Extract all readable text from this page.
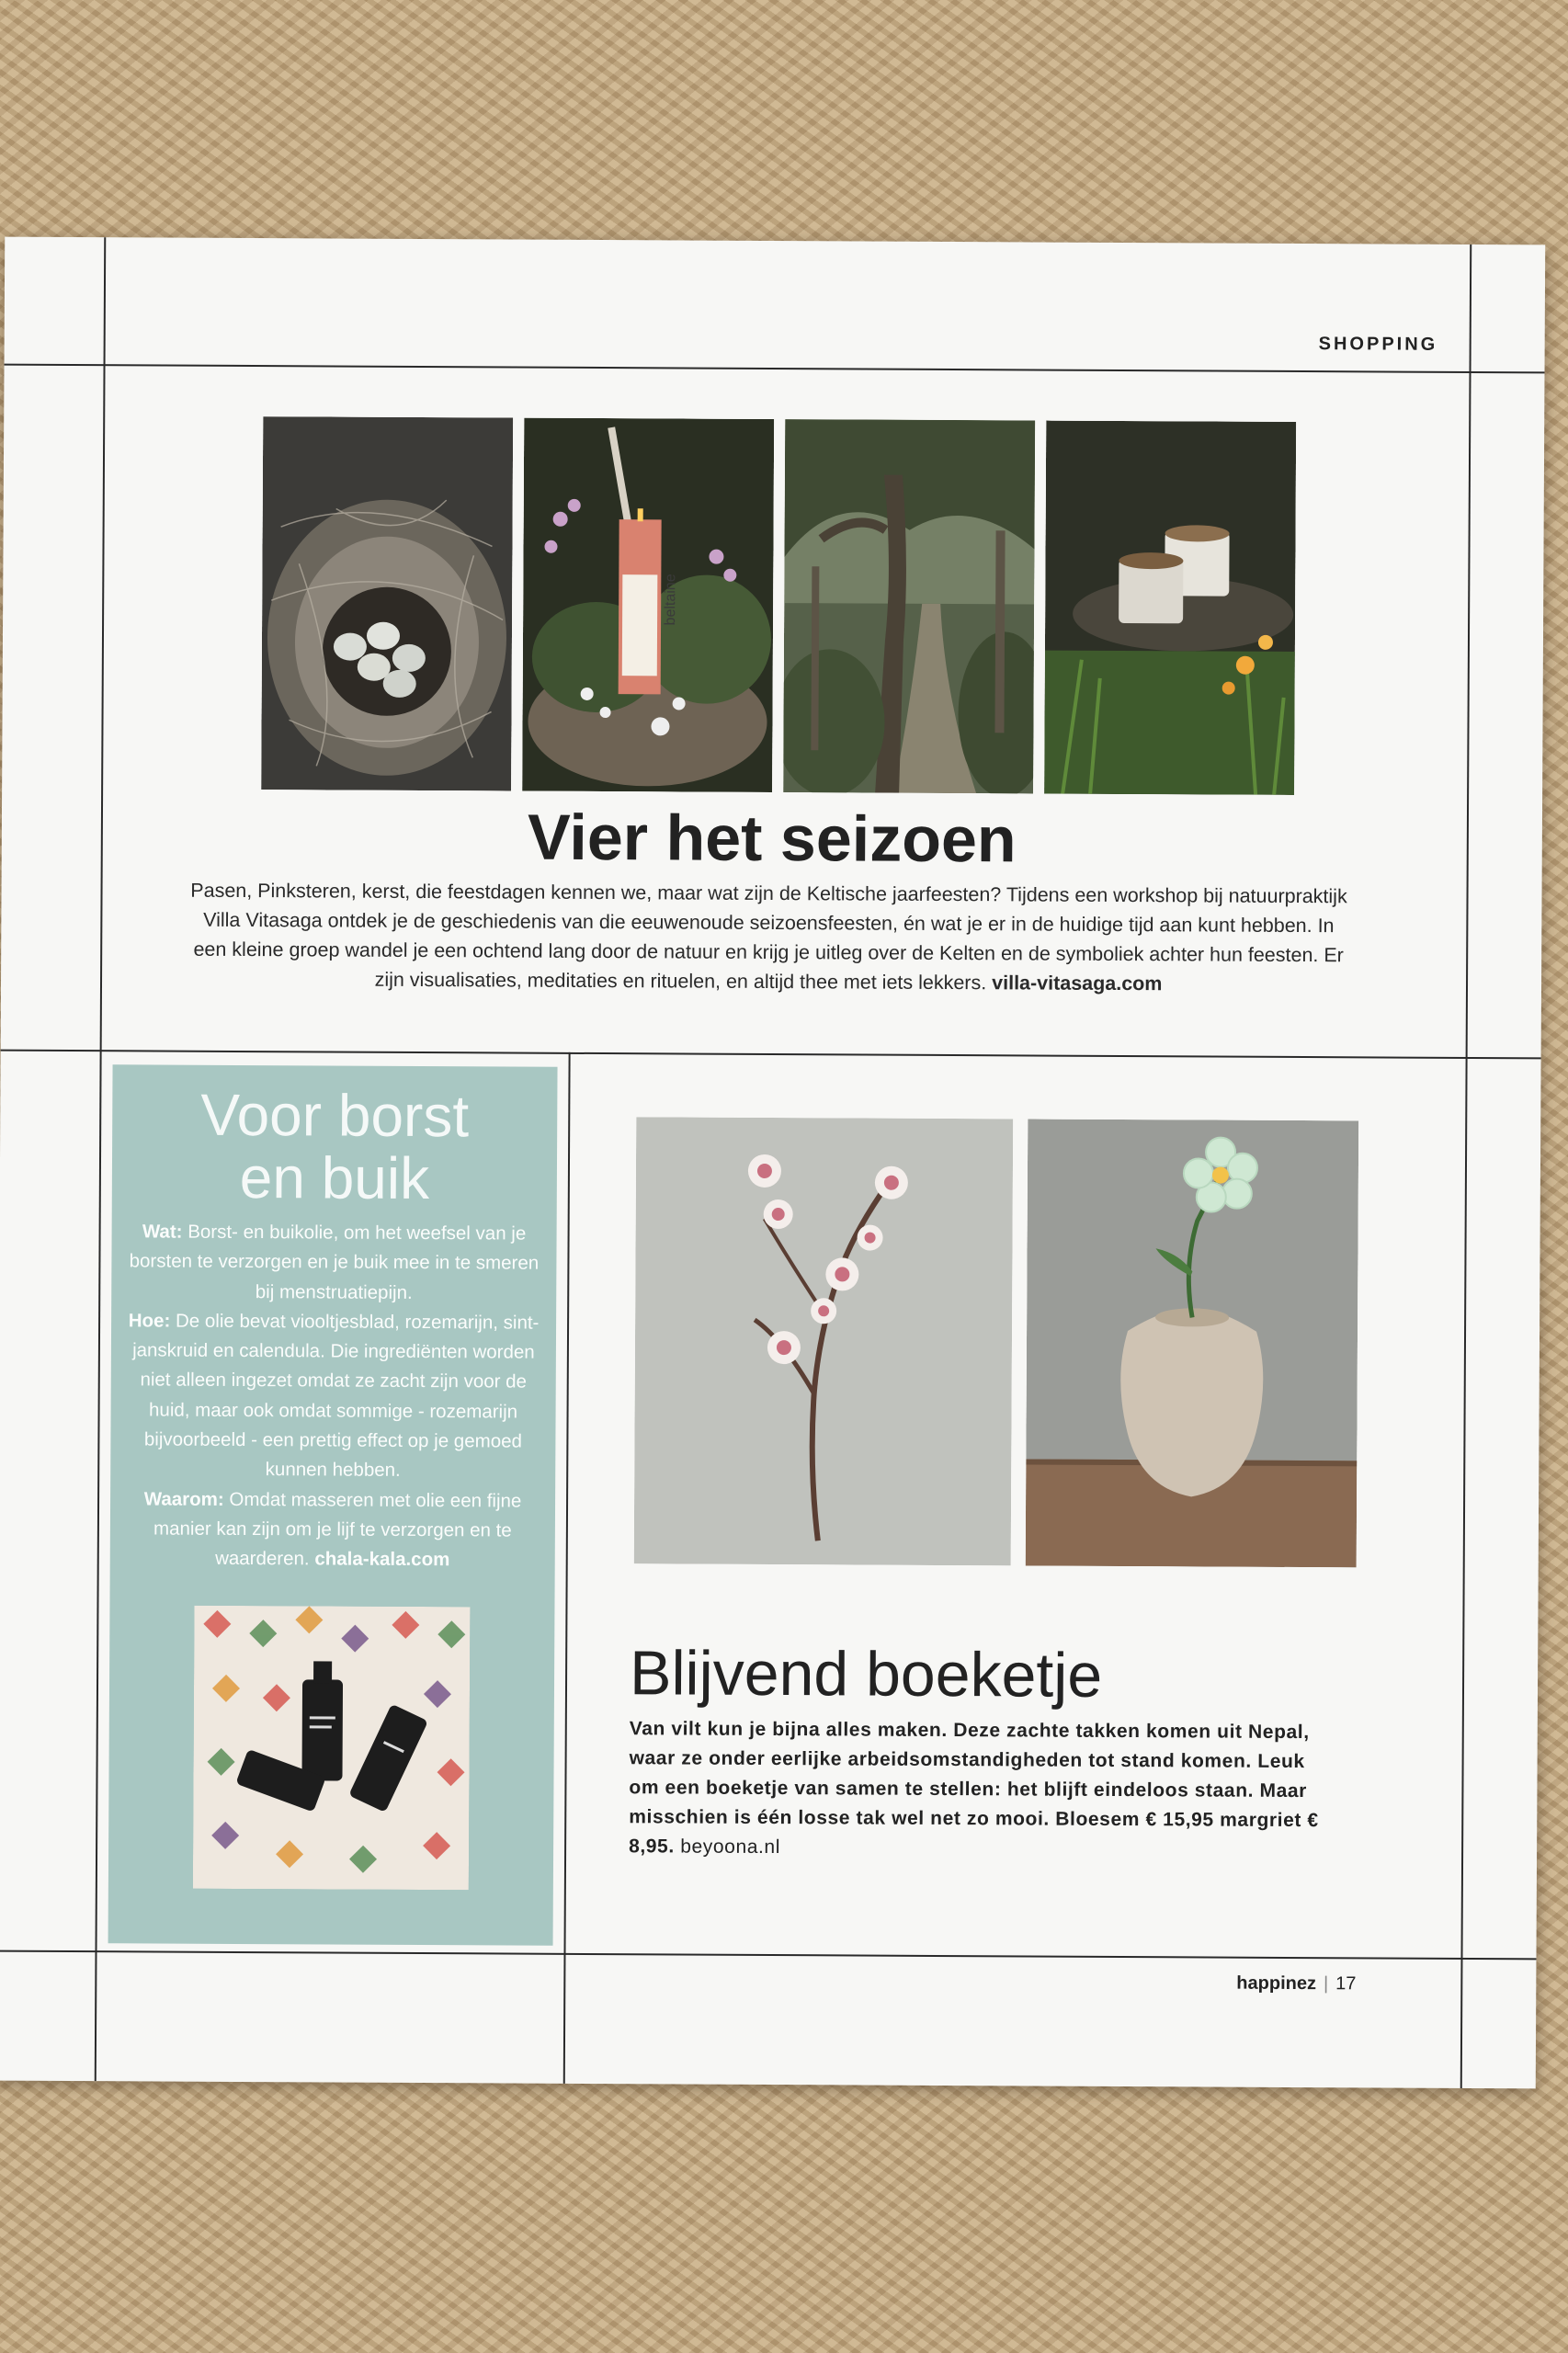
SHOPPING
beltaine
Vier het seizoen
Pasen, Pinksteren, kerst, die feestdagen kennen we, maar wat zijn de Keltische jaarfeesten? Tijdens een workshop bij natuurpraktijk Villa Vitasaga ontdek je de geschiedenis van die eeuwenoude seizoensfeesten, én wat je er in de huidige tijd aan kunt hebben. In een kleine groep wandel je een ochtend lang door de natuur en krijg je uitleg over de Kelten en de symboliek achter hun feesten. Er zijn visualisaties, meditaties en rituelen, en altijd thee met iets lekkers. villa-vitasaga.com
Voor borst
en buik
Wat: Borst- en buikolie, om het weefsel van je borsten te verzorgen en je buik mee in te smeren bij menstruatiepijn.
Hoe: De olie bevat viooltjesblad, rozemarijn, sint-janskruid en calendula. Die ingrediënten worden niet alleen ingezet omdat ze zacht zijn voor de huid, maar ook omdat sommige - rozemarijn bijvoorbeeld - een prettig effect op je gemoed kunnen hebben.
Waarom: Omdat masseren met olie een fijne manier kan zijn om je lijf te verzorgen en te waarderen. chala-kala.com
Blijvend boeketje
Van vilt kun je bijna alles maken. Deze zachte takken komen uit Nepal, waar ze onder eerlijke arbeidsomstandigheden tot stand komen. Leuk om een boeketje van samen te stellen: het blijft eindeloos staan. Maar misschien is één losse tak wel net zo mooi. Bloesem € 15,95 margriet € 8,95. beyoona.nl
happinez | 17
